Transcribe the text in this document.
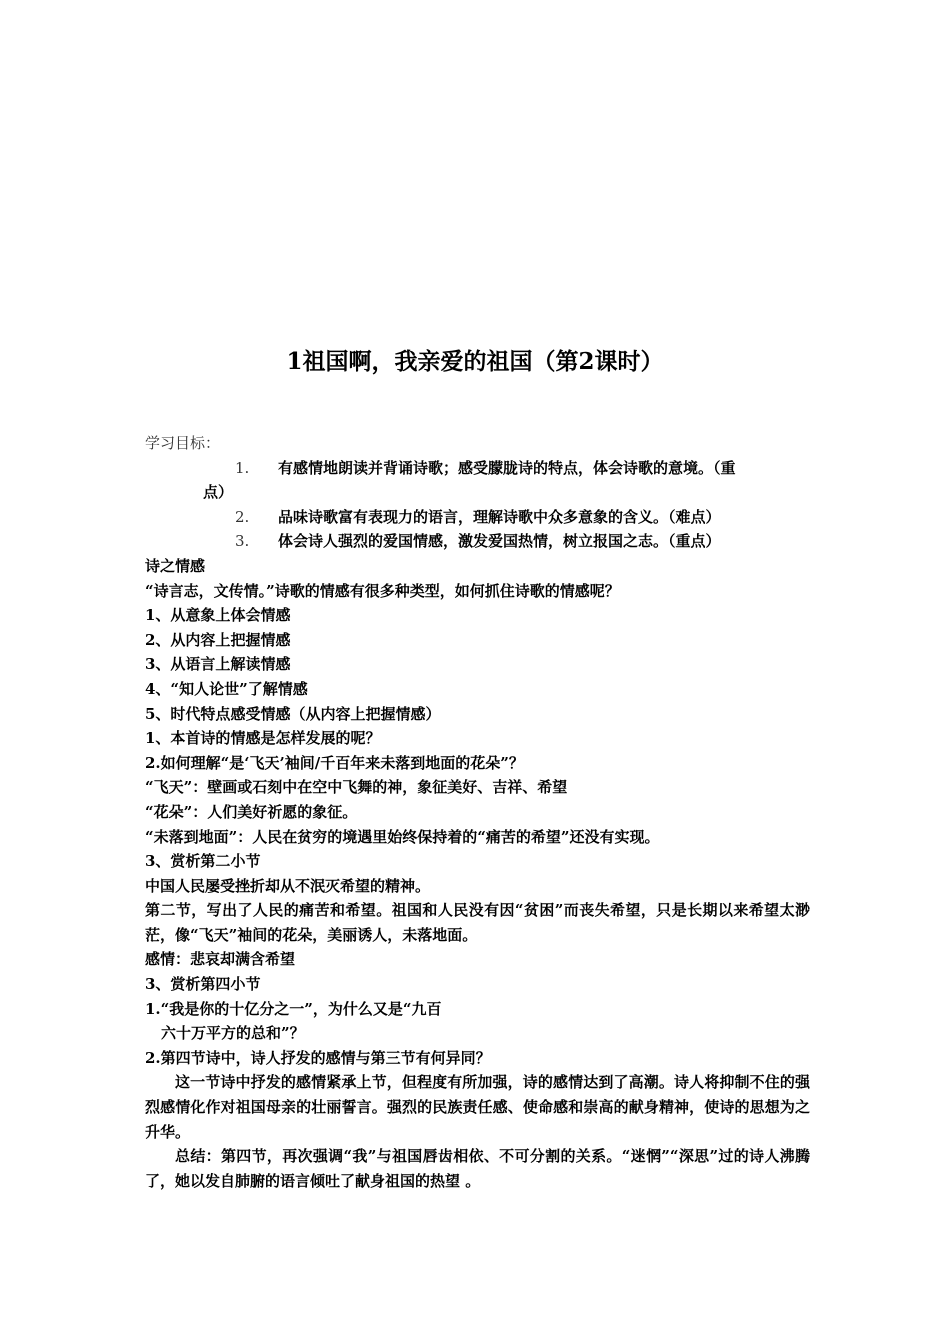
1祖国啊，我亲爱的祖国（第2课时）
学习目标：
1.	有感情地朗读并背诵诗歌；感受朦胧诗的特点，体会诗歌的意境。（重
点）
2.	品味诗歌富有表现力的语言，理解诗歌中众多意象的含义。（难点）
3.	体会诗人强烈的爱国情感，激发爱国热情，树立报国之志。（重点）
诗之情感
“诗言志，文传情。”诗歌的情感有很多种类型，如何抓住诗歌的情感呢？
1、从意象上体会情感
2、从内容上把握情感
3、从语言上解读情感
4、“知人论世”了解情感
5、时代特点感受情感（从内容上把握情感）
1、本首诗的情感是怎样发展的呢？
2.如何理解“是‘飞天’袖间/千百年来未落到地面的花朵”？
“飞天”：壁画或石刻中在空中飞舞的神，象征美好、吉祥、希望
“花朵”：人们美好祈愿的象征。
“未落到地面”：人民在贫穷的境遇里始终保持着的“痛苦的希望”还没有实现。
3、赏析第二小节
中国人民屡受挫折却从不泯灭希望的精神。
第二节，写出了人民的痛苦和希望。祖国和人民没有因“贫困”而丧失希望，只是长期以来希望太渺茫，像“飞天”袖间的花朵，美丽诱人，未落地面。
感情：悲哀却满含希望
3、赏析第四小节
1.“我是你的十亿分之一”，为什么又是“九百
六十万平方的总和”？
2.第四节诗中，诗人抒发的感情与第三节有何异同？
这一节诗中抒发的感情紧承上节，但程度有所加强，诗的感情达到了高潮。诗人将抑制不住的强烈感情化作对祖国母亲的壮丽誓言。强烈的民族责任感、使命感和崇高的献身精神，使诗的思想为之升华。
总结：第四节，再次强调“我”与祖国唇齿相依、不可分割的关系。“迷惘”“深思”过的诗人沸腾了，她以发自肺腑的语言倾吐了献身祖国的热望 。
